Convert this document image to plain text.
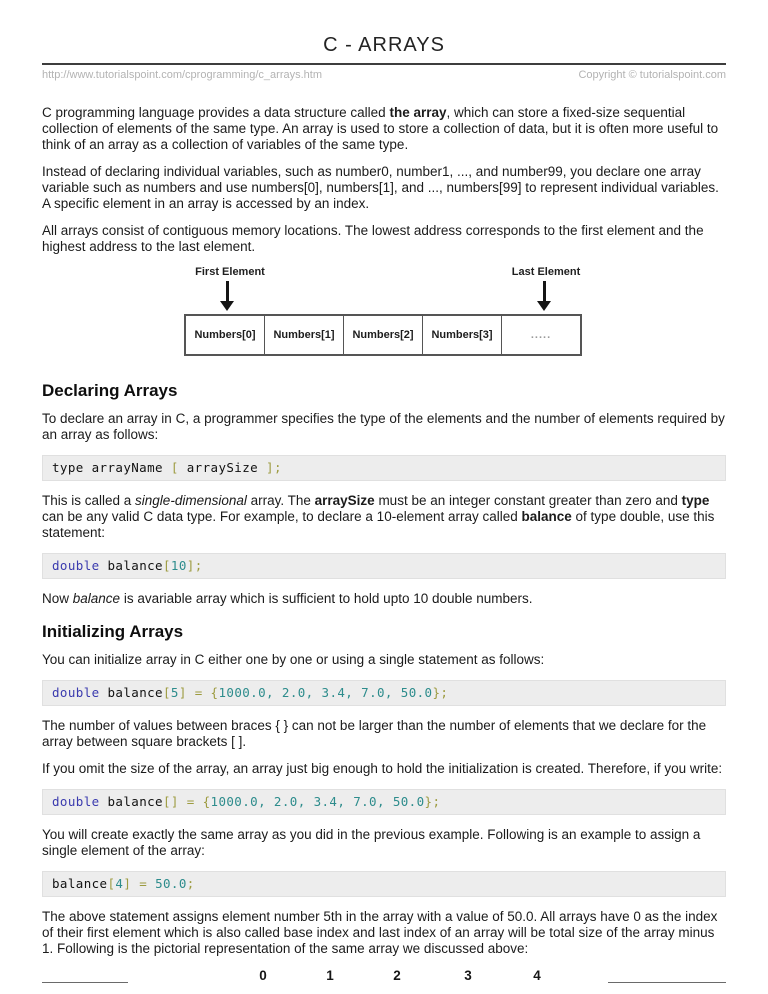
C - ARRAYS
http://www.tutorialspoint.com/cprogramming/c_arrays.htm	Copyright © tutorialspoint.com

C programming language provides a data structure called the array, which can store a fixed-size sequential collection of elements of the same type. An array is used to store a collection of data, but it is often more useful to think of an array as a collection of variables of the same type.

Instead of declaring individual variables, such as number0, number1, ..., and number99, you declare one array variable such as numbers and use numbers[0], numbers[1], and ..., numbers[99] to represent individual variables. A specific element in an array is accessed by an index.

All arrays consist of contiguous memory locations. The lowest address corresponds to the first element and the highest address to the last element.

First Element	Last Element
Numbers[0]	Numbers[1]	Numbers[2]	Numbers[3]	.....
Declaring Arrays

To declare an array in C, a programmer specifies the type of the elements and the number of elements required by an array as follows:

type arrayName [ arraySize ];

This is called a single-dimensional array. The arraySize must be an integer constant greater than zero and type can be any valid C data type. For example, to declare a 10-element array called balance of type double, use this statement:

double balance[10];

Now balance is avariable array which is sufficient to hold upto 10 double numbers.

Initializing Arrays

You can initialize array in C either one by one or using a single statement as follows:

double balance[5] = {1000.0, 2.0, 3.4, 7.0, 50.0};

The number of values between braces { } can not be larger than the number of elements that we declare for the array between square brackets [ ].

If you omit the size of the array, an array just big enough to hold the initialization is created. Therefore, if you write:

double balance[] = {1000.0, 2.0, 3.4, 7.0, 50.0};

You will create exactly the same array as you did in the previous example. Following is an example to assign a single element of the array:

balance[4] = 50.0;

The above statement assigns element number 5th in the array with a value of 50.0. All arrays have 0 as the index of their first element which is also called base index and last index of an array will be total size of the array minus 1. Following is the pictorial representation of the same array we discussed above:

0	1	2	3	4
